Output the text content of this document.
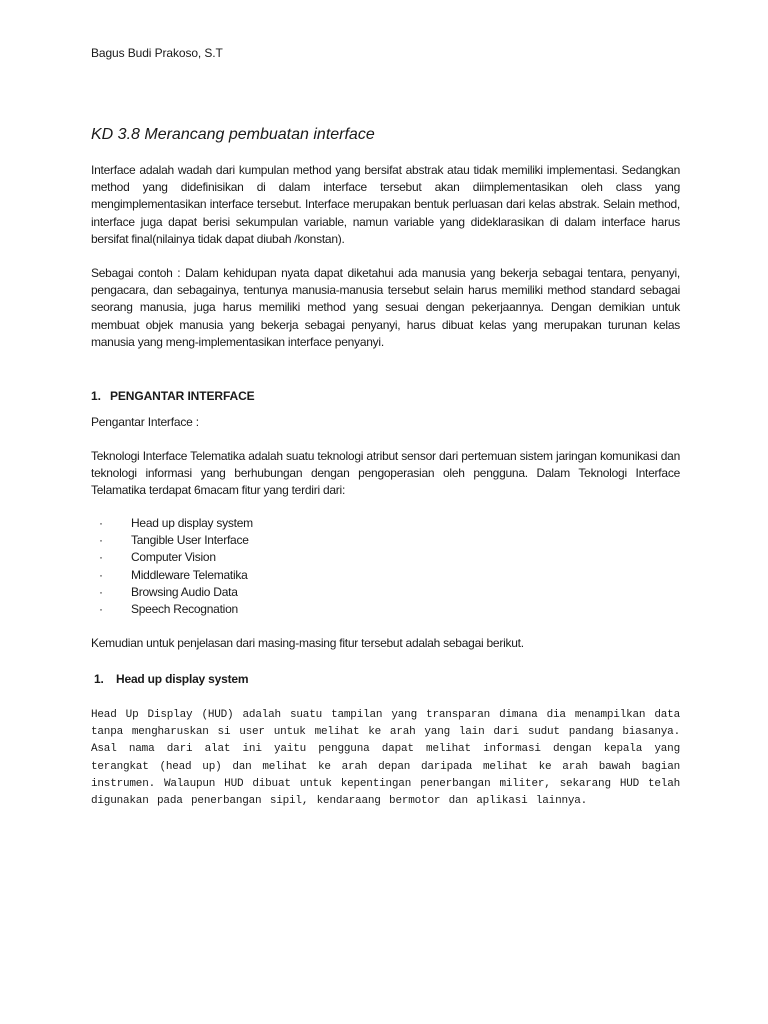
Bagus Budi Prakoso, S.T
KD 3.8 Merancang pembuatan interface

Interface adalah wadah dari kumpulan method yang bersifat abstrak atau tidak memiliki implementasi. Sedangkan method yang didefinisikan di dalam interface tersebut akan diimplementasikan oleh class yang mengimplementasikan interface tersebut. Interface merupakan bentuk perluasan dari kelas abstrak. Selain method, interface juga dapat berisi sekumpulan variable, namun variable yang dideklarasikan di dalam interface harus bersifat final(nilainya tidak dapat diubah /konstan).

Sebagai contoh : Dalam kehidupan nyata dapat diketahui ada manusia yang bekerja sebagai tentara, penyanyi, pengacara, dan sebagainya, tentunya manusia-manusia tersebut selain harus memiliki method standard sebagai seorang manusia, juga harus memiliki method yang sesuai dengan pekerjaannya. Dengan demikian untuk membuat objek manusia yang bekerja sebagai penyanyi, harus dibuat kelas yang merupakan turunan kelas manusia yang meng-implementasikan interface penyanyi.

1. PENGANTAR INTERFACE

Pengantar Interface :

Teknologi Interface Telematika adalah suatu teknologi atribut sensor dari pertemuan sistem jaringan komunikasi dan teknologi informasi yang berhubungan dengan pengoperasian oleh pengguna. Dalam Teknologi Interface Telamatika terdapat 6macam fitur yang terdiri dari:

·	Head up display system
·	Tangible User Interface
·	Computer Vision
·	Middleware Telematika
·	Browsing Audio Data
·	Speech Recognation

Kemudian untuk penjelasan dari masing-masing fitur tersebut adalah sebagai berikut.

1. Head up display system

Head Up Display (HUD) adalah suatu tampilan yang transparan dimana dia menampilkan data tanpa mengharuskan si user untuk melihat ke arah yang lain dari sudut pandang biasanya. Asal nama dari alat ini yaitu pengguna dapat melihat informasi dengan kepala yang terangkat (head up) dan melihat ke arah depan daripada melihat ke arah bawah bagian instrumen. Walaupun HUD dibuat untuk kepentingan penerbangan militer, sekarang HUD telah digunakan pada penerbangan sipil, kendaraang bermotor dan aplikasi lainnya.
